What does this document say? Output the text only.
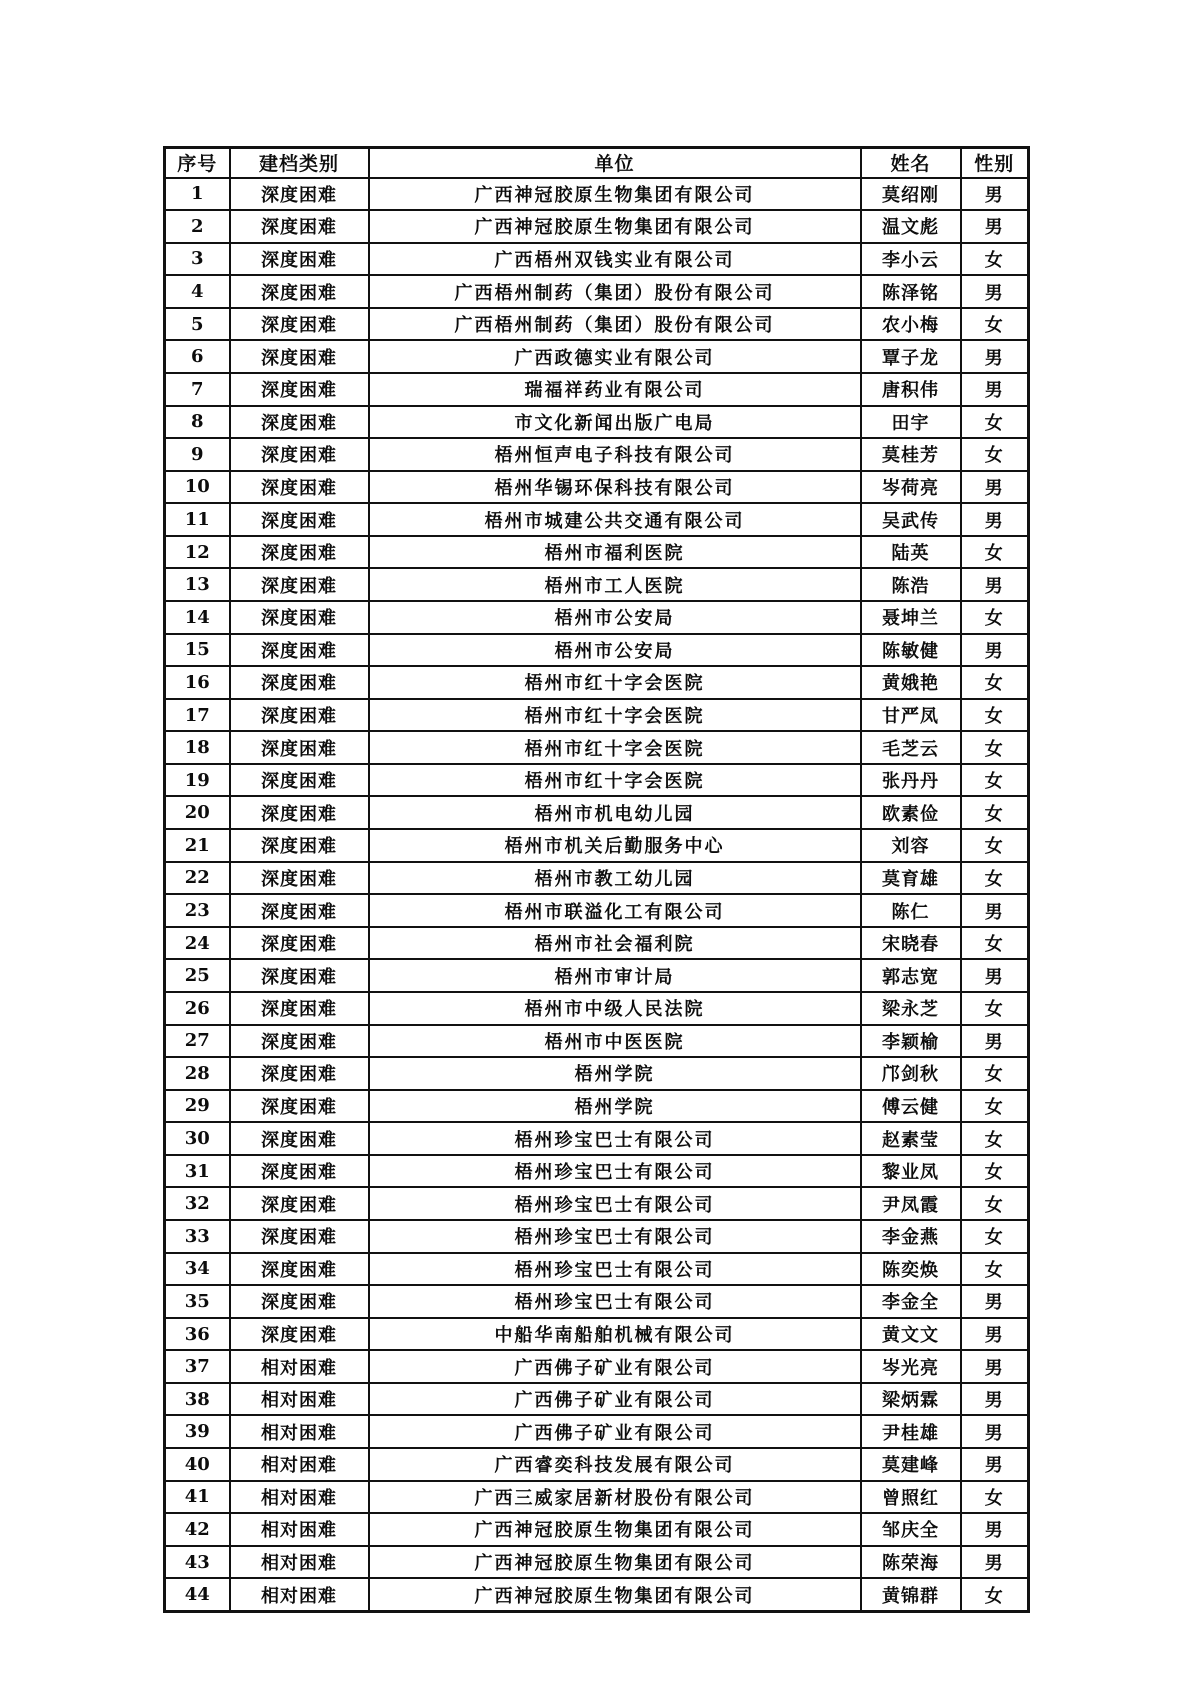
序号	建档类别	单位	姓名	性别
1	深度困难	广西神冠胶原生物集团有限公司	莫绍刚	男
2	深度困难	广西神冠胶原生物集团有限公司	温文彪	男
3	深度困难	广西梧州双钱实业有限公司	李小云	女
4	深度困难	广西梧州制药（集团）股份有限公司	陈泽铭	男
5	深度困难	广西梧州制药（集团）股份有限公司	农小梅	女
6	深度困难	广西政德实业有限公司	覃子龙	男
7	深度困难	瑞福祥药业有限公司	唐积伟	男
8	深度困难	市文化新闻出版广电局	田宇	女
9	深度困难	梧州恒声电子科技有限公司	莫桂芳	女
10	深度困难	梧州华锡环保科技有限公司	岑荷亮	男
11	深度困难	梧州市城建公共交通有限公司	吴武传	男
12	深度困难	梧州市福利医院	陆英	女
13	深度困难	梧州市工人医院	陈浩	男
14	深度困难	梧州市公安局	聂坤兰	女
15	深度困难	梧州市公安局	陈敏健	男
16	深度困难	梧州市红十字会医院	黄娥艳	女
17	深度困难	梧州市红十字会医院	甘严凤	女
18	深度困难	梧州市红十字会医院	毛芝云	女
19	深度困难	梧州市红十字会医院	张丹丹	女
20	深度困难	梧州市机电幼儿园	欧素俭	女
21	深度困难	梧州市机关后勤服务中心	刘容	女
22	深度困难	梧州市教工幼儿园	莫育雄	女
23	深度困难	梧州市联溢化工有限公司	陈仁	男
24	深度困难	梧州市社会福利院	宋晓春	女
25	深度困难	梧州市审计局	郭志宽	男
26	深度困难	梧州市中级人民法院	梁永芝	女
27	深度困难	梧州市中医医院	李颖榆	男
28	深度困难	梧州学院	邝剑秋	女
29	深度困难	梧州学院	傅云健	女
30	深度困难	梧州珍宝巴士有限公司	赵素莹	女
31	深度困难	梧州珍宝巴士有限公司	黎业凤	女
32	深度困难	梧州珍宝巴士有限公司	尹凤霞	女
33	深度困难	梧州珍宝巴士有限公司	李金燕	女
34	深度困难	梧州珍宝巴士有限公司	陈奕焕	女
35	深度困难	梧州珍宝巴士有限公司	李金全	男
36	深度困难	中船华南船舶机械有限公司	黄文文	男
37	相对困难	广西佛子矿业有限公司	岑光亮	男
38	相对困难	广西佛子矿业有限公司	梁炳霖	男
39	相对困难	广西佛子矿业有限公司	尹桂雄	男
40	相对困难	广西睿奕科技发展有限公司	莫建峰	男
41	相对困难	广西三威家居新材股份有限公司	曾照红	女
42	相对困难	广西神冠胶原生物集团有限公司	邹庆全	男
43	相对困难	广西神冠胶原生物集团有限公司	陈荣海	男
44	相对困难	广西神冠胶原生物集团有限公司	黄锦群	女
